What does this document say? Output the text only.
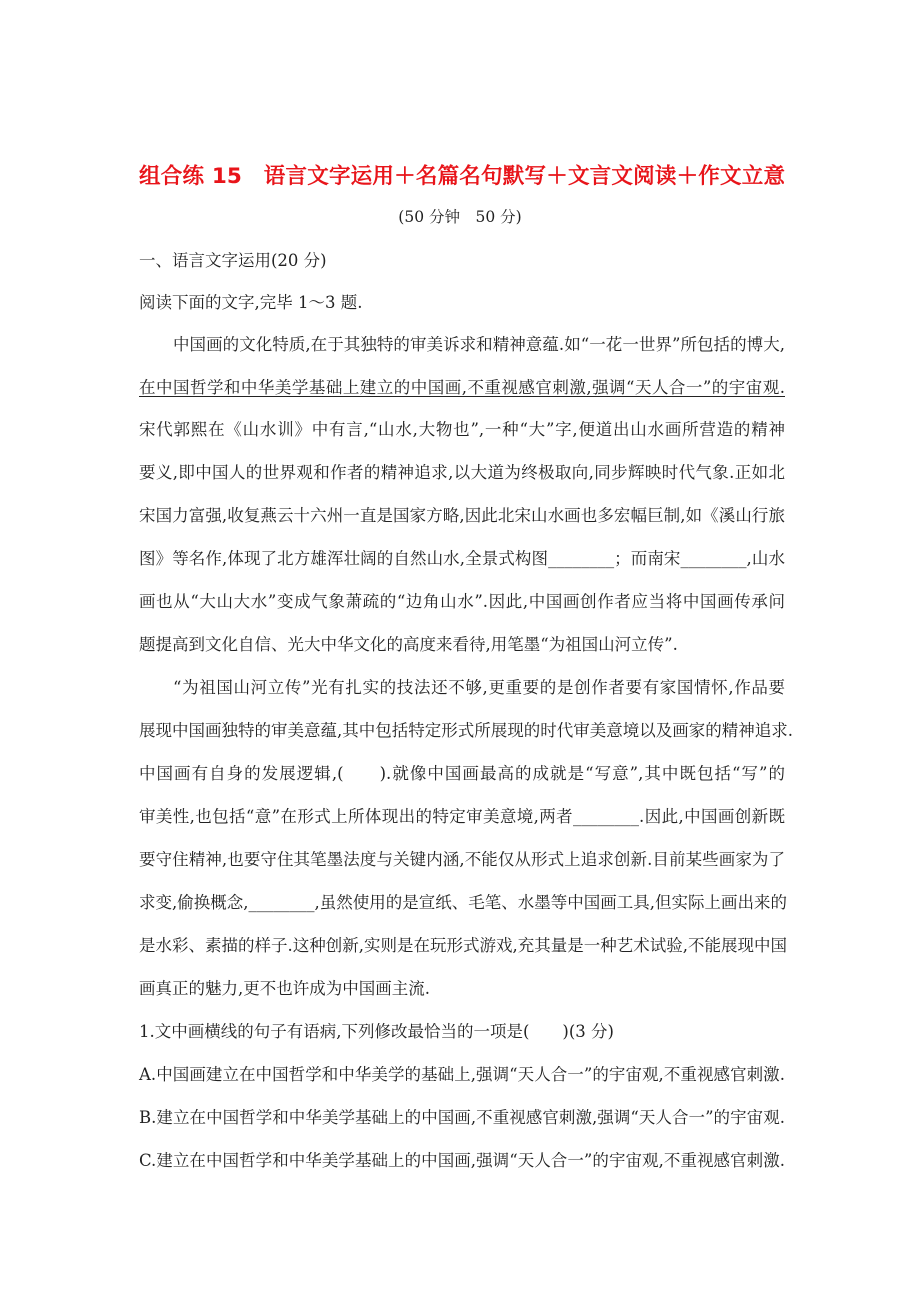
组合练 15　语言文字运用＋名篇名句默写＋文言文阅读＋作文立意
(50 分钟　50 分)
一、语言文字运用(20 分)
阅读下面的文字,完毕 1～3 题.
中国画的文化特质,在于其独特的审美诉求和精神意蕴.如“一花一世界”所包括的博大,
在中国哲学和中华美学基础上建立的中国画,不重视感官刺激,强调“天人合一”的宇宙观.
宋代郭熙在《山水训》中有言,“山水,大物也”,一种“大”字,便道出山水画所营造的精神
要义,即中国人的世界观和作者的精神追求,以大道为终极取向,同步辉映时代气象.正如北
宋国力富强,收复燕云十六州一直是国家方略,因此北宋山水画也多宏幅巨制,如《溪山行旅
图》等名作,体现了北方雄浑壮阔的自然山水,全景式构图________；而南宋________,山水
画也从“大山大水”变成气象萧疏的“边角山水”.因此,中国画创作者应当将中国画传承问
题提高到文化自信、光大中华文化的高度来看待,用笔墨“为祖国山河立传”.
“为祖国山河立传”光有扎实的技法还不够,更重要的是创作者要有家国情怀,作品要
展现中国画独特的审美意蕴,其中包括特定形式所展现的时代审美意境以及画家的精神追求.
中国画有自身的发展逻辑,(　　).就像中国画最高的成就是“写意”,其中既包括“写”的
审美性,也包括“意”在形式上所体现出的特定审美意境,两者________.因此,中国画创新既
要守住精神,也要守住其笔墨法度与关键内涵,不能仅从形式上追求创新.目前某些画家为了
求变,偷换概念,________,虽然使用的是宣纸、毛笔、水墨等中国画工具,但实际上画出来的
是水彩、素描的样子.这种创新,实则是在玩形式游戏,充其量是一种艺术试验,不能展现中国
画真正的魅力,更不也许成为中国画主流.
1.文中画横线的句子有语病,下列修改最恰当的一项是(　　)(3 分)
A.中国画建立在中国哲学和中华美学的基础上,强调“天人合一”的宇宙观,不重视感官刺激.
B.建立在中国哲学和中华美学基础上的中国画,不重视感官刺激,强调“天人合一”的宇宙观.
C.建立在中国哲学和中华美学基础上的中国画,强调“天人合一”的宇宙观,不重视感官刺激.
